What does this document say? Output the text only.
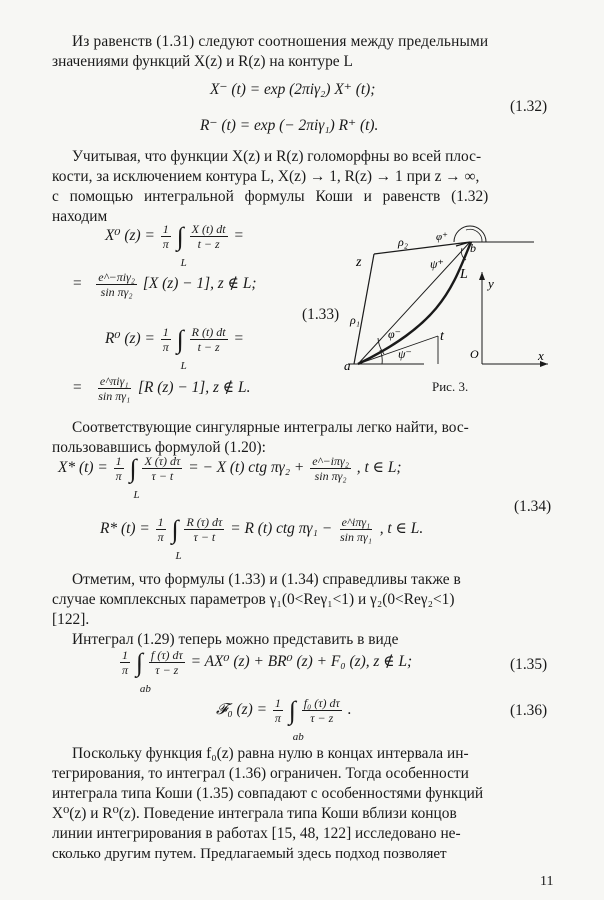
Из равенств (1.31) следуют соотношения между предельными
значениями функций X(z) и R(z) на контуре L
X⁻ (t) = exp (2πiγ₂) X⁺ (t);
R⁻ (t) = exp (− 2πiγ₁) R⁺ (t).
(1.32)
Учитывая, что функции X(z) и R(z) голоморфны во всей плос-
кости, за исключением контура L, X(z) → 1, R(z) → 1 при z → ∞,
с помощью интегральной формулы Коши и равенств (1.32)
находим
X⁰ $(z) = \frac{1}{\pi}$ ∫
L

$\frac{X (t) dt}{t - z}$ =
= $\frac{\text{e\textasciicircum{}−πiγ₂}}{\text{sin πγ₂}} [X$ (z) − 1], z ∉ L;
R⁰ $(z) = \frac{1}{\pi}$ ∫
L

$\frac{R (t) dt}{t - z}$ =
= $\frac{\text{e\textasciicircum{}πiγ₁}}{\text{sin πγ₁}} [R$ (z) − 1], z ∉ L.
(1.33)
z
ρ₂	φ⁺
b
ψ⁺
L
y
ρ₁
φ⁻	t
ψ⁻
a
O	x
Рис. 3.
Соответствующие сингулярные интегралы легко найти, вос-
пользовавшись формулой (1.20):
X* $(t) = \frac{1}{\pi}$ ∫
L

$\frac{X (\tau) d\tau}{\tau - t}$ = − X (t) ctg $\pi\gamma_2 + \frac{\text{e\textasciicircum{}−iπγ₂}}{\text{sin πγ₂}}$ , t ∈ L;
(1.34)
R* $(t) = \frac{1}{\pi}$ ∫
L

$\frac{R (\tau) d\tau}{\tau - t} = R$ (t) ctg $\pi\gamma_1 - \frac{\text{e\textasciicircum{}iπγ₁}}{\text{sin πγ₁}}$ , t ∈ L.
Отметим, что формулы (1.33) и (1.34) справедливы также в
случае комплексных параметров γ₁(0<Reγ₁<1) и γ₂(0<Reγ₂<1)
[122].
Интеграл (1.29) теперь можно представить в виде
$\frac{1}{\pi}$ ∫
ab

$\frac{f (\tau) d\tau}{\tau - z} = AX^0$ (z) + BR⁰ (z) + F₀ (z), z ∉ L;	(1.35)
𝓕₀ $(z) = \frac{1}{\pi}$ ∫
ab

$\frac{\text{f₀ (τ) dτ}}{\tau - z}$ .	(1.36)
Поскольку функция f₀(z) равна нулю в концах интервала ин-
тегрирования, то интеграл (1.36) ограничен. Тогда особенности
интеграла типа Коши (1.35) совпадают с особенностями функций
X⁰(z) и R⁰(z). Поведение интеграла типа Коши вблизи концов
линии интегрирования в работах [15, 48, 122] исследовано не-
сколько другим путем. Предлагаемый здесь подход позволяет
11
